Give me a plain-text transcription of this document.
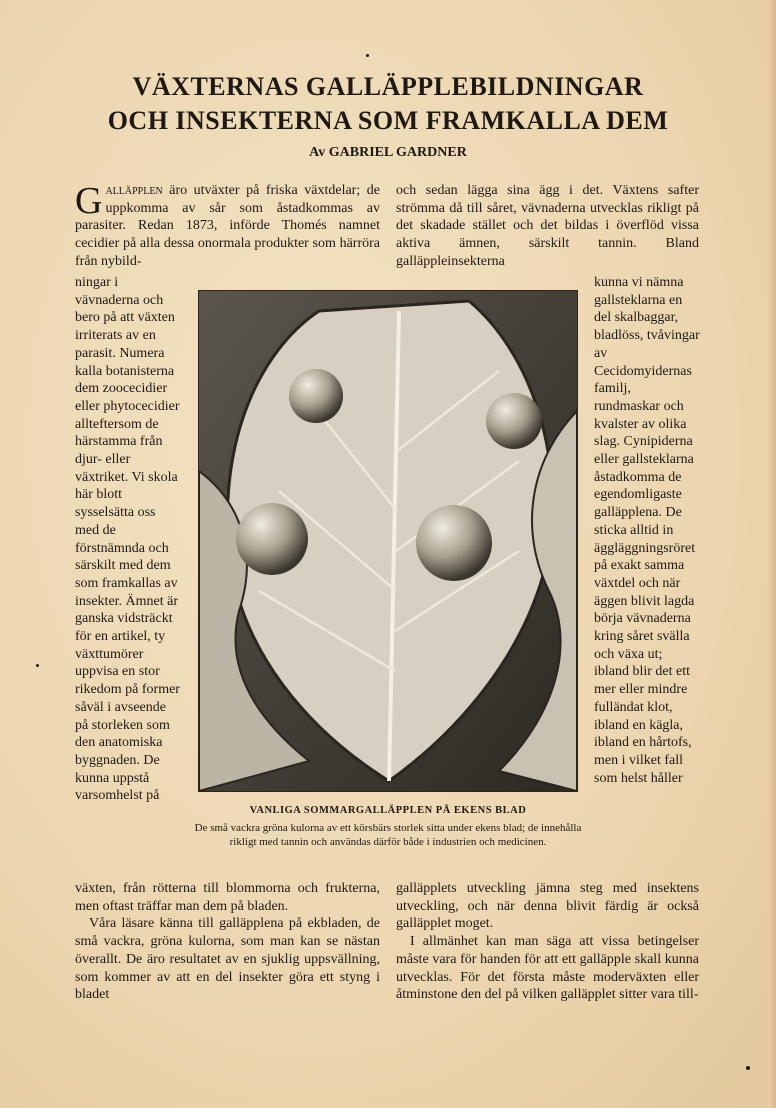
VÄXTERNAS GALLÄPPLEBILDNINGAR
OCH INSEKTERNA SOM FRAMKALLA DEM
Av GABRIEL GARDNER

Galläpplen äro utväxter på friska växtdelar; de uppkomma av sår som åstadkommas av parasiter. Redan 1873, införde Thomés namnet cecidier på alla dessa onormala produkter som härröra från nybild-

och sedan lägga sina ägg i det. Växtens safter strömma då till såret, vävnaderna utvecklas rikligt på det skadade stället och det bildas i överflöd vissa aktiva ämnen, särskilt tannin. Bland galläppleinsekterna

ningar i vävnaderna och bero på att växten irriterats av en parasit. Numera kalla botanisterna dem zoocecidier eller phytocecidier allteftersom de härstamma från djur- eller växtriket. Vi skola här blott sysselsätta oss med de förstnämnda och särskilt med dem som framkallas av insekter. Ämnet är ganska vidsträckt för en artikel, ty växttumörer uppvisa en stor rikedom på former såväl i avseende på storleken som den anatomiska byggnaden. De kunna uppstå varsomhelst på

kunna vi nämna gallsteklarna en del skalbaggar, bladlöss, tvåvingar av Cecidomyidernas familj, rundmaskar och kvalster av olika slag. Cynipiderna eller gallsteklarna åstadkomma de egendomligaste galläpplena. De sticka alltid in äggläggningsröret på exakt samma växtdel och när äggen blivit lagda börja vävnaderna kring såret svälla och växa ut; ibland blir det ett mer eller mindre fulländat klot, ibland en kägla, ibland en hårtofs, men i vilket fall som helst håller

VANLIGA SOMMARGALLÄPPLEN PÅ EKENS BLAD
De små vackra gröna kulorna av ett körsbärs storlek sitta under ekens blad; de innehålla rikligt med tannin och användas därför både i industrien och medicinen.

växten, från rötterna till blommorna och frukterna, men oftast träffar man dem på bladen.

Våra läsare känna till galläpplena på ekbladen, de små vackra, gröna kulorna, som man kan se nästan överallt. De äro resultatet av en sjuklig uppsvällning, som kommer av att en del insekter göra ett styng i bladet

galläpplets utveckling jämna steg med insektens utveckling, och när denna blivit färdig är också galläpplet moget.

I allmänhet kan man säga att vissa betingelser måste vara för handen för att ett galläpple skall kunna utvecklas. För det första måste moderväxten eller åtminstone den del på vilken galläpplet sitter vara till-
